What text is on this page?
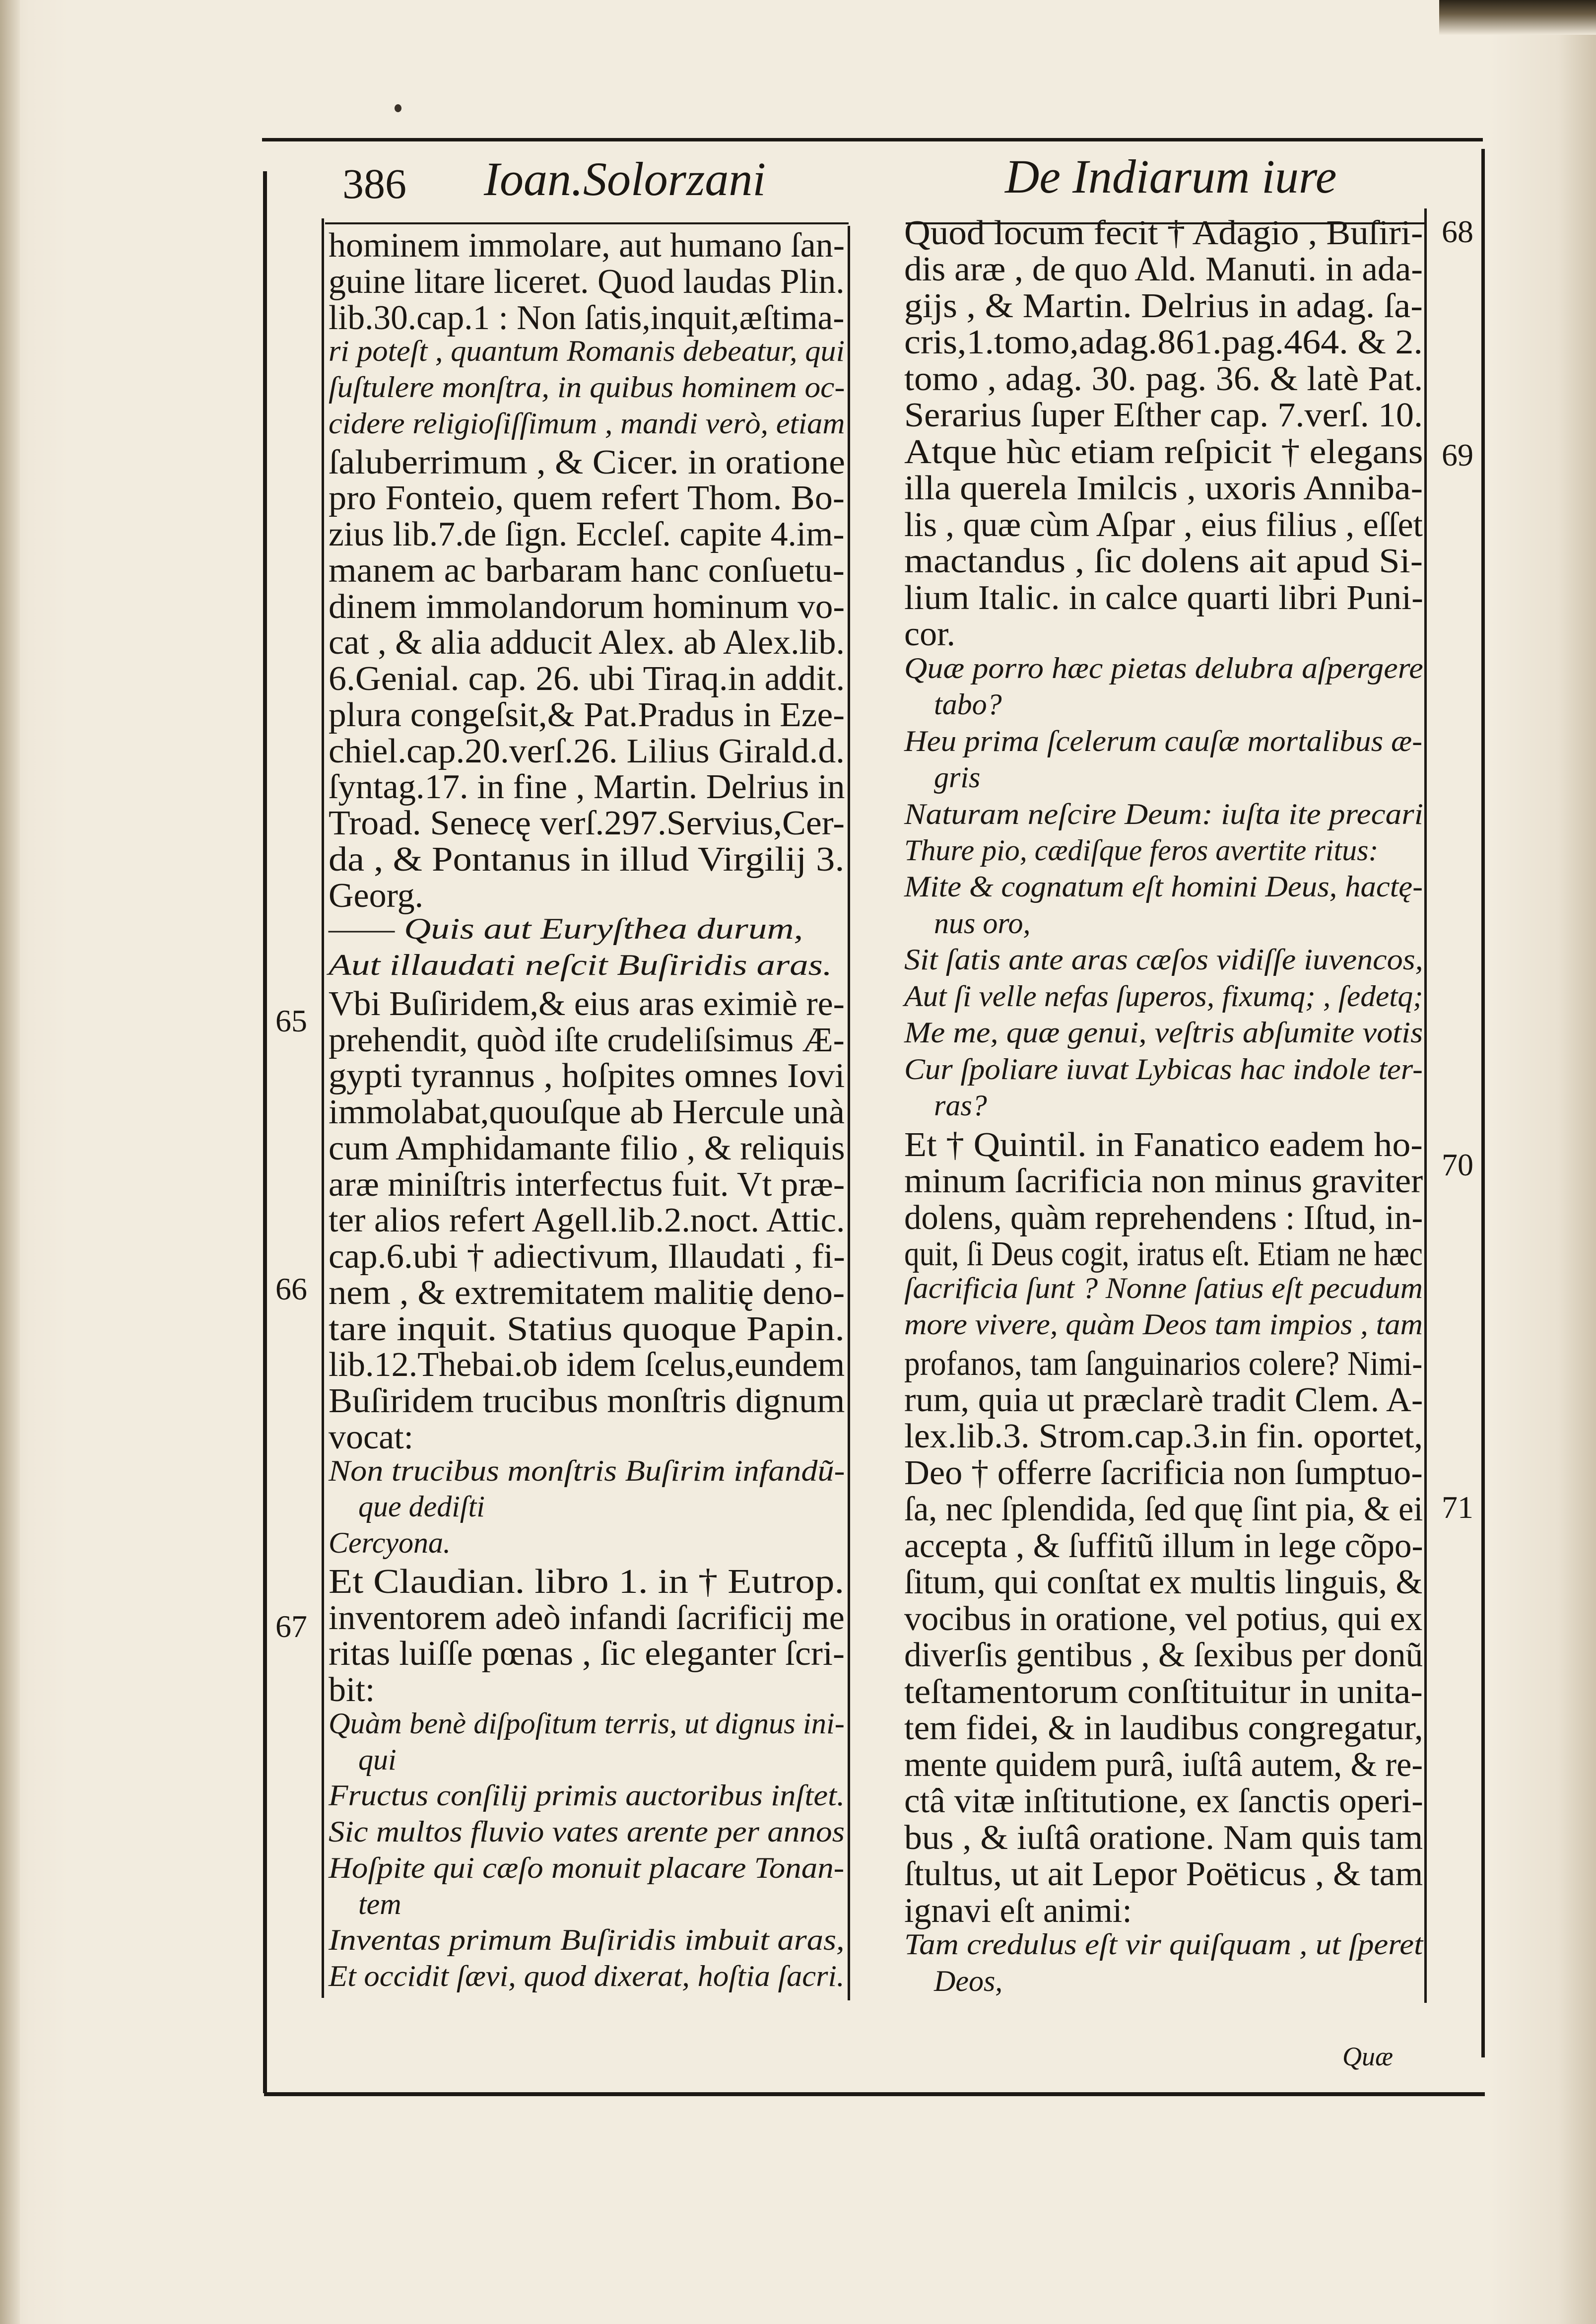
386 Ioan.Solorzani	De Indiarum iure
hominem immolare, aut humano ſan-
guine litare liceret. Quod laudas Plin.
lib.30.cap.1 : Non ſatis,inquit,æſtima-
ri poteſt , quantum Romanis debeatur, qui
ſuſtulere monſtra, in quibus hominem oc-
cidere religioſiſſimum , mandi verò, etiam
ſaluberrimum , & Cicer. in oratione
pro Fonteio, quem refert Thom. Bo-
zius lib.7.de ſign. Eccleſ. capite 4.im-
manem ac barbaram hanc conſuetu-
dinem immolandorum hominum vo-
cat , & alia adducit Alex. ab Alex.lib.
6.Genial. cap. 26. ubi Tiraq.in addit.
plura congeſsit,& Pat.Pradus in Eze-
chiel.cap.20.verſ.26. Lilius Girald.d.
ſyntag.17. in fine , Martin. Delrius in
Troad. Senecę verſ.297.Servius,Cer-
da , & Pontanus in illud Virgilij 3.
Georg.
—— Quis aut Euryſthea durum,
Aut illaudati neſcit Buſiridis aras.
Vbi Buſiridem,& eius aras eximiè re-
prehendit, quòd iſte crudeliſsimus Æ-
gypti tyrannus , hoſpites omnes Iovi
immolabat,quouſque ab Hercule unà
cum Amphidamante filio , & reliquis
aræ miniſtris interfectus fuit. Vt præ-
ter alios refert Agell.lib.2.noct. Attic.
cap.6.ubi † adiectivum, Illaudati , fi-
nem , & extremitatem malitię deno-
tare inquit. Statius quoque Papin.
lib.12.Thebai.ob idem ſcelus,eundem
Buſiridem trucibus monſtris dignum
vocat:
Non trucibus monſtris Buſirim infandũ-
que dediſti
Cercyona.
Et Claudian. libro 1. in † Eutrop.
inventorem adeò infandi ſacrificij me
ritas luiſſe pœnas , ſic eleganter ſcri-
bit:
Quàm benè diſpoſitum terris, ut dignus ini-
qui
Fructus conſilij primis auctoribus inſtet.
Sic multos fluvio vates arente per annos
Hoſpite qui cæſo monuit placare Tonan-
tem
Inventas primum Buſiridis imbuit aras,
Et occidit ſævi, quod dixerat, hoſtia ſacri.
Quod locum fecit † Adagio , Buſiri-
dis aræ , de quo Ald. Manuti. in ada-
gijs , & Martin. Delrius in adag. ſa-
cris,1.tomo,adag.861.pag.464. & 2.
tomo , adag. 30. pag. 36. & latè Pat.
Serarius ſuper Eſther cap. 7.verſ. 10.
Atque hùc etiam reſpicit † elegans
illa querela Imilcis , uxoris Anniba-
lis , quæ cùm Aſpar , eius filius , eſſet
mactandus , ſic dolens ait apud Si-
lium Italic. in calce quarti libri Puni-
cor.
Quæ porro hæc pietas delubra aſpergere
tabo?
Heu prima ſcelerum cauſæ mortalibus æ-
gris
Naturam neſcire Deum: iuſta ite precari
Thure pio, cædiſque feros avertite ritus:
Mite & cognatum eſt homini Deus, hactę-
nus oro,
Sit ſatis ante aras cæſos vidiſſe iuvencos,
Aut ſi velle nefas ſuperos, fixumq; , ſedetq;
Me me, quæ genui, veſtris abſumite votis
Cur ſpoliare iuvat Lybicas hac indole ter-
ras?
Et † Quintil. in Fanatico eadem ho-
minum ſacrificia non minus graviter
dolens, quàm reprehendens : Iſtud, in-
quit, ſi Deus cogit, iratus eſt. Etiam ne hæc
ſacrificia ſunt ? Nonne ſatius eſt pecudum
more vivere, quàm Deos tam impios , tam
profanos, tam ſanguinarios colere? Nimi-
rum, quia ut præclarè tradit Clem. A-
lex.lib.3. Strom.cap.3.in fin. oportet,
Deo † offerre ſacrificia non ſumptuo-
ſa, nec ſplendida, ſed quę ſint pia, & ei
accepta , & ſuffitũ illum in lege cõpo-
ſitum, qui conſtat ex multis linguis, &
vocibus in oratione, vel potius, qui ex
diverſis gentibus , & ſexibus per donũ
teſtamentorum conſtituitur in unita-
tem fidei, & in laudibus congregatur,
mente quidem purâ, iuſtâ autem, & re-
ctâ vitæ inſtitutione, ex ſanctis operi-
bus , & iuſtâ oratione. Nam quis tam
ſtultus, ut ait Lepor Poëticus , & tam
ignavi eſt animi:
Tam credulus eſt vir quiſquam , ut ſperet
Deos,
65
66
67
68
69
70
71
Quæ
